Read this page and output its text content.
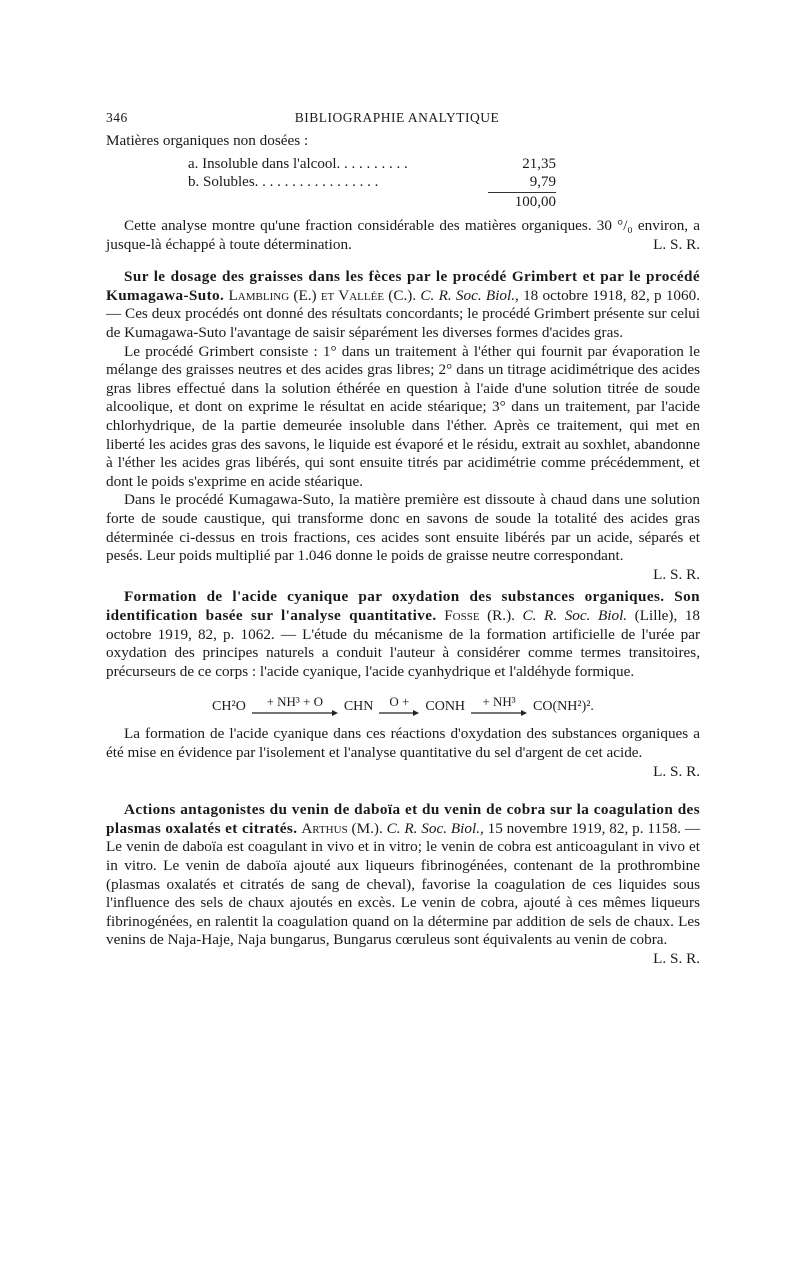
346	BIBLIOGRAPHIE ANALYTIQUE

Matières organiques non dosées :

a. Insoluble dans l'alcool. . . . . . . . . .	21,35
b. Solubles. . . . . . . . . . . . . . . . .	9,79
100,00

Cette analyse montre qu'une fraction considérable des matières organiques. 30 °/₀ environ, a jusque-là échappé à toute détermination.	L. S. R.

Sur le dosage des graisses dans les fèces par le procédé Grimbert et par le procédé Kumagawa-Suto. Lambling (E.) et Vallée (C.). C. R. Soc. Biol., 18 octobre 1918, 82, p 1060. — Ces deux procédés ont donné des résultats concordants; le procédé Grimbert présente sur celui de Kumagawa-Suto l'avantage de saisir séparément les diverses formes d'acides gras.

Le procédé Grimbert consiste : 1° dans un traitement à l'éther qui fournit par évaporation le mélange des graisses neutres et des acides gras libres; 2° dans un titrage acidimétrique des acides gras libres effectué dans la solution éthérée en question à l'aide d'une solution titrée de soude alcoolique, et dont on exprime le résultat en acide stéarique; 3° dans un traitement, par l'acide chlorhydrique, de la partie demeurée insoluble dans l'éther. Après ce traitement, qui met en liberté les acides gras des savons, le liquide est évaporé et le résidu, extrait au soxhlet, abandonne à l'éther les acides gras libérés, qui sont ensuite titrés par acidimétrie comme précédemment, et dont le poids s'exprime en acide stéarique.

Dans le procédé Kumagawa-Suto, la matière première est dissoute à chaud dans une solution forte de soude caustique, qui transforme donc en savons de soude la totalité des acides gras déterminée ci-dessus en trois fractions, ces acides sont ensuite libérés par un acide, séparés et pesés. Leur poids multiplié par 1.046 donne le poids de graisse neutre correspondant.

L. S. R.

Formation de l'acide cyanique par oxydation des substances organiques. Son identification basée sur l'analyse quantitative. Fosse (R.). C. R. Soc. Biol. (Lille), 18 octobre 1919, 82, p. 1062. — L'étude du mécanisme de la formation artificielle de l'urée par oxydation des principes naturels a conduit l'auteur à considérer comme termes transitoires, précurseurs de ce corps : l'acide cyanique, l'acide cyanhydrique et l'aldéhyde formique.

CH²O + NH³ + O CHN O + CONH + NH³ CO(NH²)².

La formation de l'acide cyanique dans ces réactions d'oxydation des substances organiques a été mise en évidence par l'isolement et l'analyse quantitative du sel d'argent de cet acide.
L. S. R.

Actions antagonistes du venin de daboïa et du venin de cobra sur la coagulation des plasmas oxalatés et citratés. Arthus (M.). C. R. Soc. Biol., 15 novembre 1919, 82, p. 1158. — Le venin de daboïa est coagulant in vivo et in vitro; le venin de cobra est anticoagulant in vivo et in vitro. Le venin de daboïa ajouté aux liqueurs fibrinogénées, contenant de la prothrombine (plasmas oxalatés et citratés de sang de cheval), favorise la coagulation de ces liquides sous l'influence des sels de chaux ajoutés en excès. Le venin de cobra, ajouté à ces mêmes liqueurs fibrinogénées, en ralentit la coagulation quand on la détermine par addition de sels de chaux. Les venins de Naja-Haje, Naja bungarus, Bungarus cœruleus sont équivalents au venin de cobra.
L. S. R.
